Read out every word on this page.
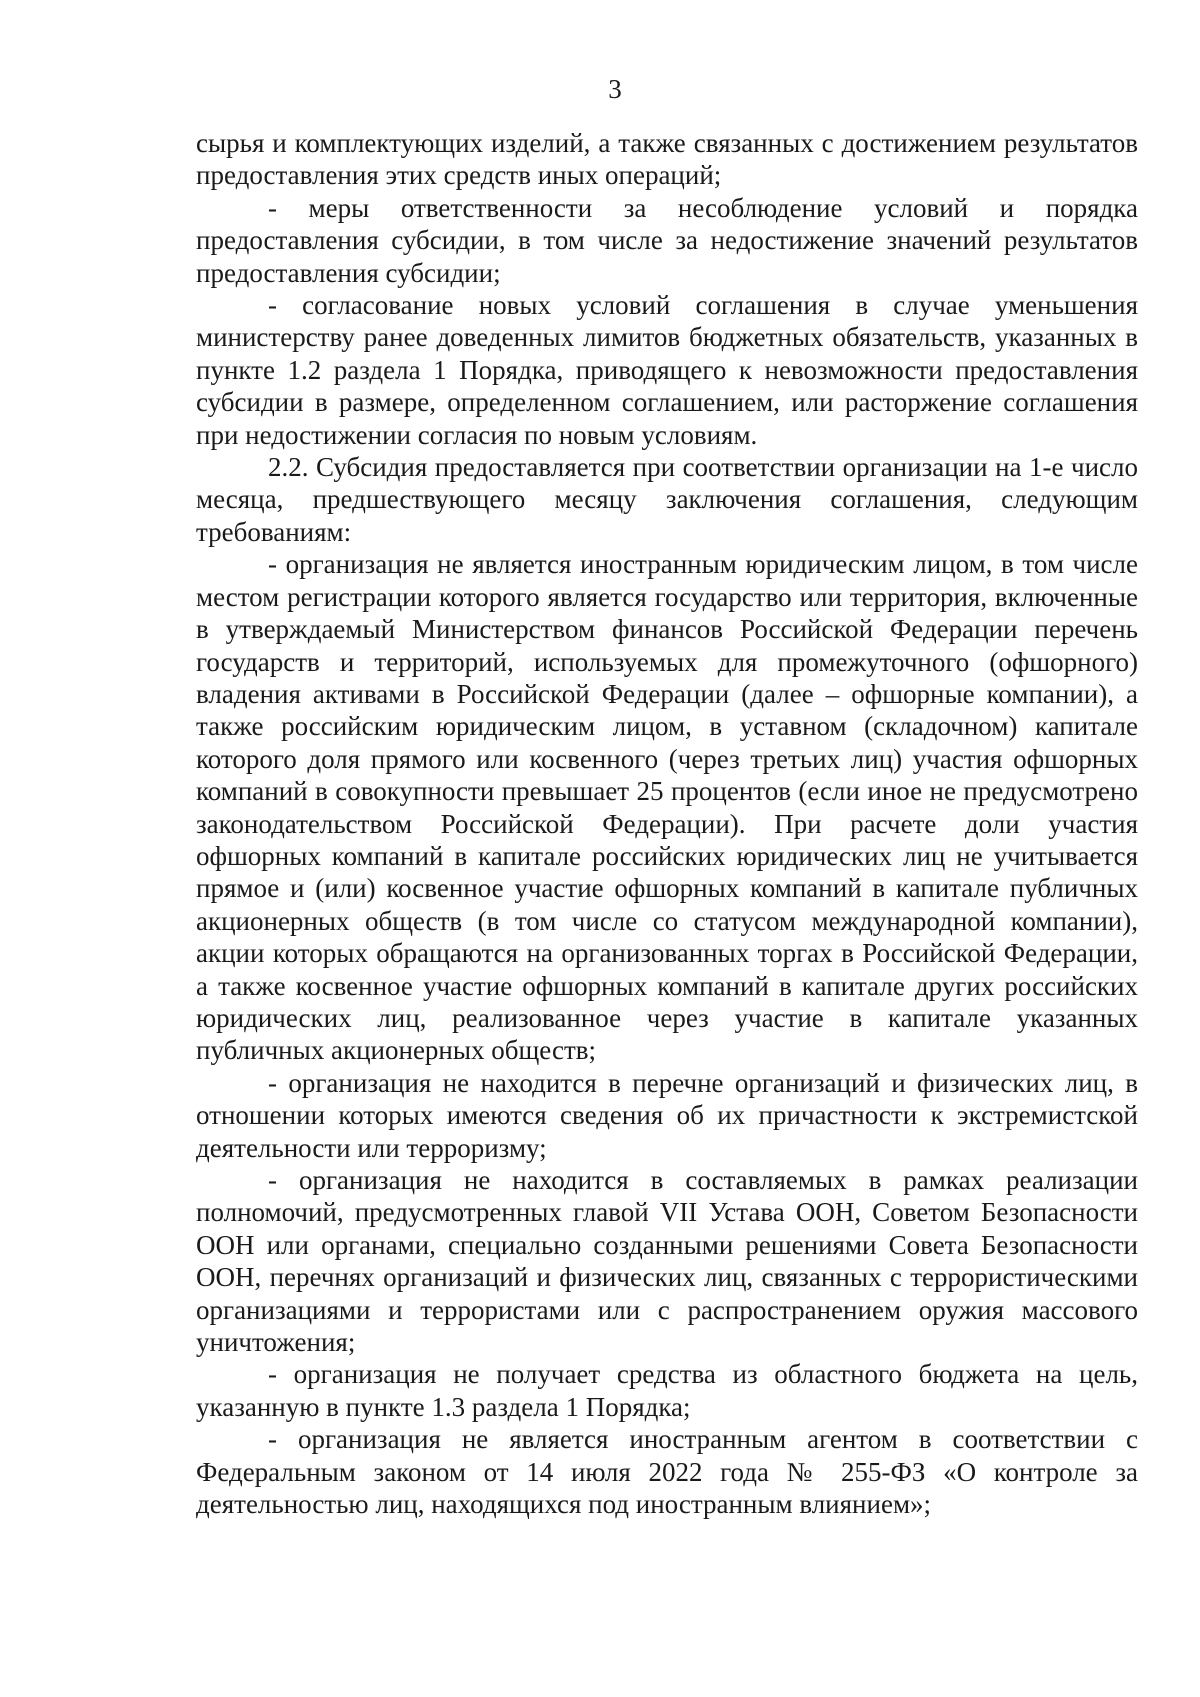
3

сырья и комплектующих изделий, а также связанных с достижением результатов предоставления этих средств иных операций;

- меры ответственности за несоблюдение условий и порядка предоставления субсидии, в том числе за недостижение значений результатов предоставления субсидии;

- согласование новых условий соглашения в случае уменьшения министерству ранее доведенных лимитов бюджетных обязательств, указанных в пункте 1.2 раздела 1 Порядка, приводящего к невозможности предоставления субсидии в размере, определенном соглашением, или расторжение соглашения при недостижении согласия по новым условиям.

2.2. Субсидия предоставляется при соответствии организации на 1-е число месяца, предшествующего месяцу заключения соглашения, следующим требованиям:

- организация не является иностранным юридическим лицом, в том числе местом регистрации которого является государство или территория, включенные в утверждаемый Министерством финансов Российской Федерации перечень государств и территорий, используемых для промежуточного (офшорного) владения активами в Российской Федерации (далее – офшорные компании), а также российским юридическим лицом, в уставном (складочном) капитале которого доля прямого или косвенного (через третьих лиц) участия офшорных компаний в совокупности превышает 25 процентов (если иное не предусмотрено законодательством Российской Федерации). При расчете доли участия офшорных компаний в капитале российских юридических лиц не учитывается прямое и (или) косвенное участие офшорных компаний в капитале публичных акционерных обществ (в том числе со статусом международной компании), акции которых обращаются на организованных торгах в Российской Федерации, а также косвенное участие офшорных компаний в капитале других российских юридических лиц, реализованное через участие в капитале указанных публичных акционерных обществ;

- организация не находится в перечне организаций и физических лиц, в отношении которых имеются сведения об их причастности к экстремистской деятельности или терроризму;

- организация не находится в составляемых в рамках реализации полномочий, предусмотренных главой VII Устава ООН, Советом Безопасности ООН или органами, специально созданными решениями Совета Безопасности ООН, перечнях организаций и физических лиц, связанных с террористическими организациями и террористами или с распространением оружия массового уничтожения;

- организация не получает средства из областного бюджета на цель, указанную в пункте 1.3 раздела 1 Порядка;

- организация не является иностранным агентом в соответствии с Федеральным законом от 14 июля 2022 года № 255-ФЗ «О контроле за деятельностью лиц, находящихся под иностранным влиянием»;
